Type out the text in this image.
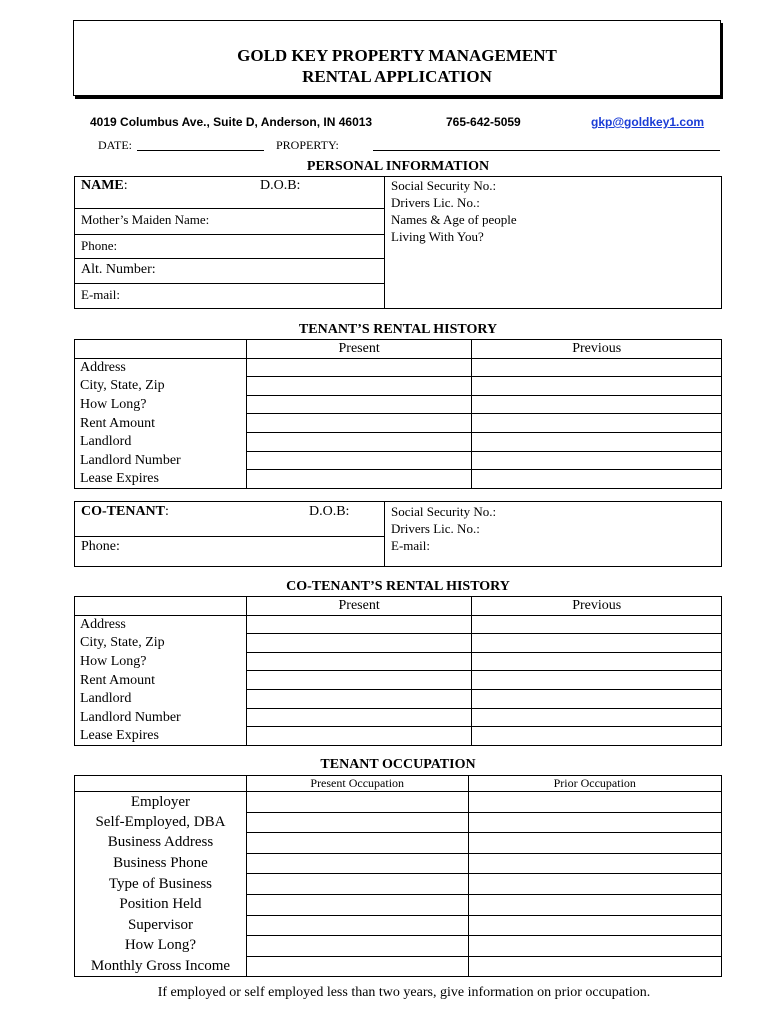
GOLD KEY PROPERTY MANAGEMENT
RENTAL APPLICATION
4019 Columbus Ave., Suite D, Anderson, IN 46013	765-642-5059	gkp@goldkey1.com
DATE:	PROPERTY:
PERSONAL INFORMATION
NAME:	D.O.B:	Social Security No.:
Drivers Lic. No.:
Names & Age of people
Living With You?
Mother’s Maiden Name:
Phone:
Alt. Number:
E-mail:
TENANT’S RENTAL HISTORY
	Present	Previous
Address		
City, State, Zip		
How Long?		
Rent Amount		
Landlord		
Landlord Number		
Lease Expires		
CO-TENANT:	D.O.B:	Social Security No.:
Drivers Lic. No.:
E-mail:
Phone:
CO-TENANT’S RENTAL HISTORY
	Present	Previous
Address		
City, State, Zip		
How Long?		
Rent Amount		
Landlord		
Landlord Number		
Lease Expires		
TENANT OCCUPATION
	Present Occupation	Prior Occupation
Employer		
Self-Employed, DBA		
Business Address		
Business Phone		
Type of Business		
Position Held		
Supervisor		
How Long?		
Monthly Gross Income		
If employed or self employed less than two years, give information on prior occupation.
